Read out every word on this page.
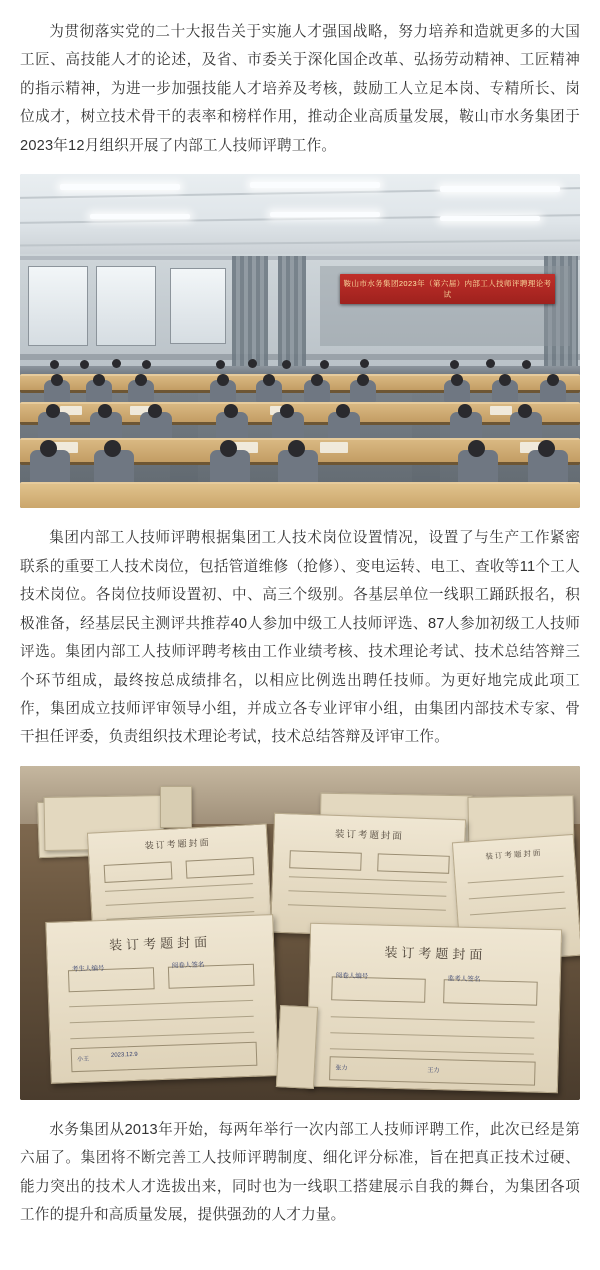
为贯彻落实党的二十大报告关于实施人才强国战略，努力培养和造就更多的大国工匠、高技能人才的论述，及省、市委关于深化国企改革、弘扬劳动精神、工匠精神的指示精神，为进一步加强技能人才培养及考核，鼓励工人立足本岗、专精所长、岗位成才，树立技术骨干的表率和榜样作用，推动企业高质量发展，鞍山市水务集团于2023年12月组织开展了内部工人技师评聘工作。

鞍山市水务集团2023年（第六届）内部工人技师评聘理论考试

集团内部工人技师评聘根据集团工人技术岗位设置情况，设置了与生产工作紧密联系的重要工人技术岗位，包括管道维修（抢修）、变电运转、电工、查收等11个工人技术岗位。各岗位技师设置初、中、高三个级别。各基层单位一线职工踊跃报名，积极准备，经基层民主测评共推荐40人参加中级工人技师评选、87人参加初级工人技师评选。集团内部工人技师评聘考核由工作业绩考核、技术理论考试、技术总结答辩三个环节组成，最终按总成绩排名，以相应比例选出聘任技师。为更好地完成此项工作，集团成立技师评审领导小组，并成立各专业评审小组，由集团内部技术专家、骨干担任评委，负责组织技术理论考试，技术总结答辩及评审工作。

装订考题封面
装订考题封面
装订考题封面
装订考题封面
考生人编号	阅卷人签名
小王
2023.12.9
装订考题封面
阅卷人编号	监考人签名
张力	王力

水务集团从2013年开始，每两年举行一次内部工人技师评聘工作，此次已经是第六届了。集团将不断完善工人技师评聘制度、细化评分标准，旨在把真正技术过硬、能力突出的技术人才选拔出来，同时也为一线职工搭建展示自我的舞台，为集团各项工作的提升和高质量发展，提供强劲的人才力量。
